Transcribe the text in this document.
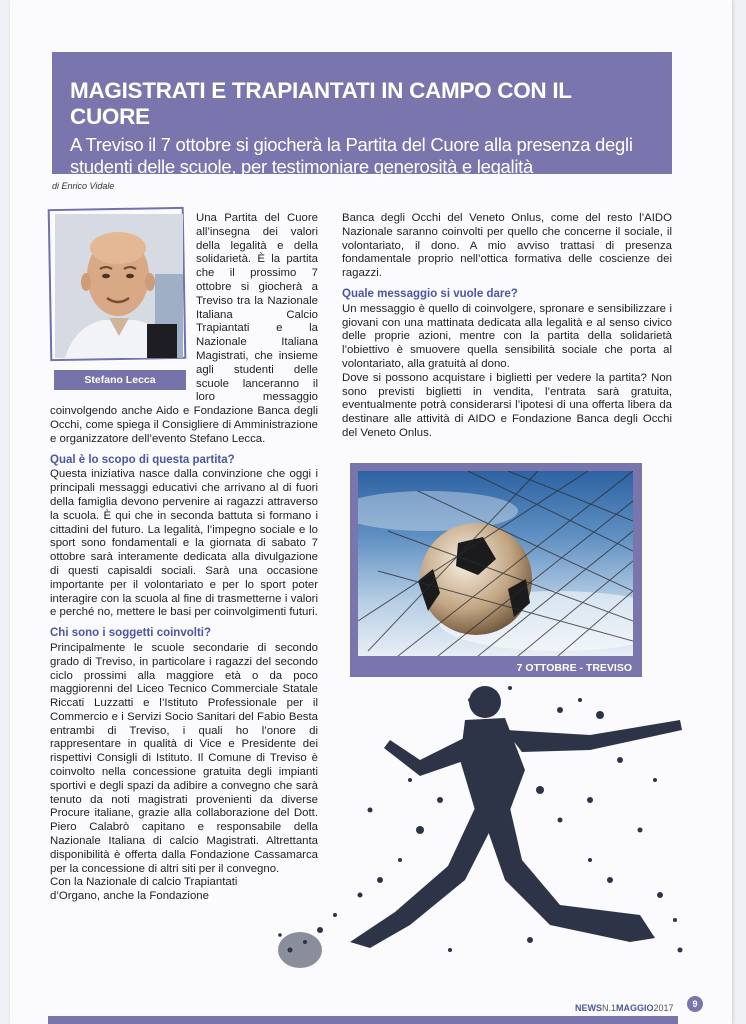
MAGISTRATI E TRAPIANTATI IN CAMPO CON IL CUORE

A Treviso il 7 ottobre si giocherà la Partita del Cuore alla presenza degli studenti delle scuole, per testimoniare generosità e legalità

di Enrico Vidale
Stefano Lecca

Una Partita del Cuore all’insegna dei valori della legalità e della solidarietà. È la partita che il prossimo 7 ottobre si giocherà a Treviso tra la Nazionale Italiana Calcio Trapiantati e la Nazionale Italiana Magistrati, che insieme agli studenti delle scuole lanceranno il loro messaggio coinvolgendo anche Aido e Fondazione Banca degli Occhi, come spiega il Consigliere di Amministrazione e organizzatore dell’evento Stefano Lecca.

Qual è lo scopo di questa partita?

Questa iniziativa nasce dalla convinzione che oggi i principali messaggi educativi che arrivano al di fuori della famiglia devono pervenire ai ragazzi attraverso la scuola. È qui che in seconda battuta si formano i cittadini del futuro. La legalità, l’impegno sociale e lo sport sono fondamentali e la giornata di sabato 7 ottobre sarà interamente dedicata alla divulgazione di questi capisaldi sociali. Sarà una occasione importante per il volontariato e per lo sport poter interagire con la scuola al fine di trasmetterne i valori e perché no, mettere le basi per coinvolgimenti futuri.

Chi sono i soggetti coinvolti?

Principalmente le scuole secondarie di secondo grado di Treviso, in particolare i ragazzi del secondo ciclo prossimi alla maggiore età o da poco maggiorenni del Liceo Tecnico Commerciale Statale Riccati Luzzatti e l’Istituto Professionale per il Commercio e i Servizi Socio Sanitari del Fabio Besta entrambi di Treviso, i quali ho l’onore di rappresentare in qualità di Vice e Presidente dei rispettivi Consigli di Istituto. Il Comune di Treviso è coinvolto nella concessione gratuita degli impianti sportivi e degli spazi da adibire a convegno che sarà tenuto da noti magistrati provenienti da diverse Procure italiane, grazie alla collaborazione del Dott. Piero Calabrò capitano e responsabile della Nazionale Italiana di calcio Magistrati. Altrettanta disponibilità è offerta dalla Fondazione Cassamarca per la concessione di altri siti per il convegno.

Con la Nazionale di calcio Trapiantati d’Organo, anche la Fondazione

Banca degli Occhi del Veneto Onlus, come del resto l’AIDO Nazionale saranno coinvolti per quello che concerne il sociale, il volontariato, il dono. A mio avviso trattasi di presenza fondamentale proprio nell’ottica formativa delle coscienze dei ragazzi.

Quale messaggio si vuole dare?

Un messaggio è quello di coinvolgere, spronare e sensibilizzare i giovani con una mattinata dedicata alla legalità e al senso civico delle proprie azioni, mentre con la partita della solidarietà l’obiettivo è smuovere quella sensibilità sociale che porta al volontariato, alla gratuità al dono.

Dove si possono acquistare i biglietti per vedere la partita? Non sono previsti biglietti in vendita, l’entrata sarà gratuita, eventualmente potrà considerarsi l’ipotesi di una offerta libera da destinare alle attività di AIDO e Fondazione Banca degli Occhi del Veneto Onlus.

7 OTTOBRE - TREVISO
NEWSN.1MAGGIO2017	9
